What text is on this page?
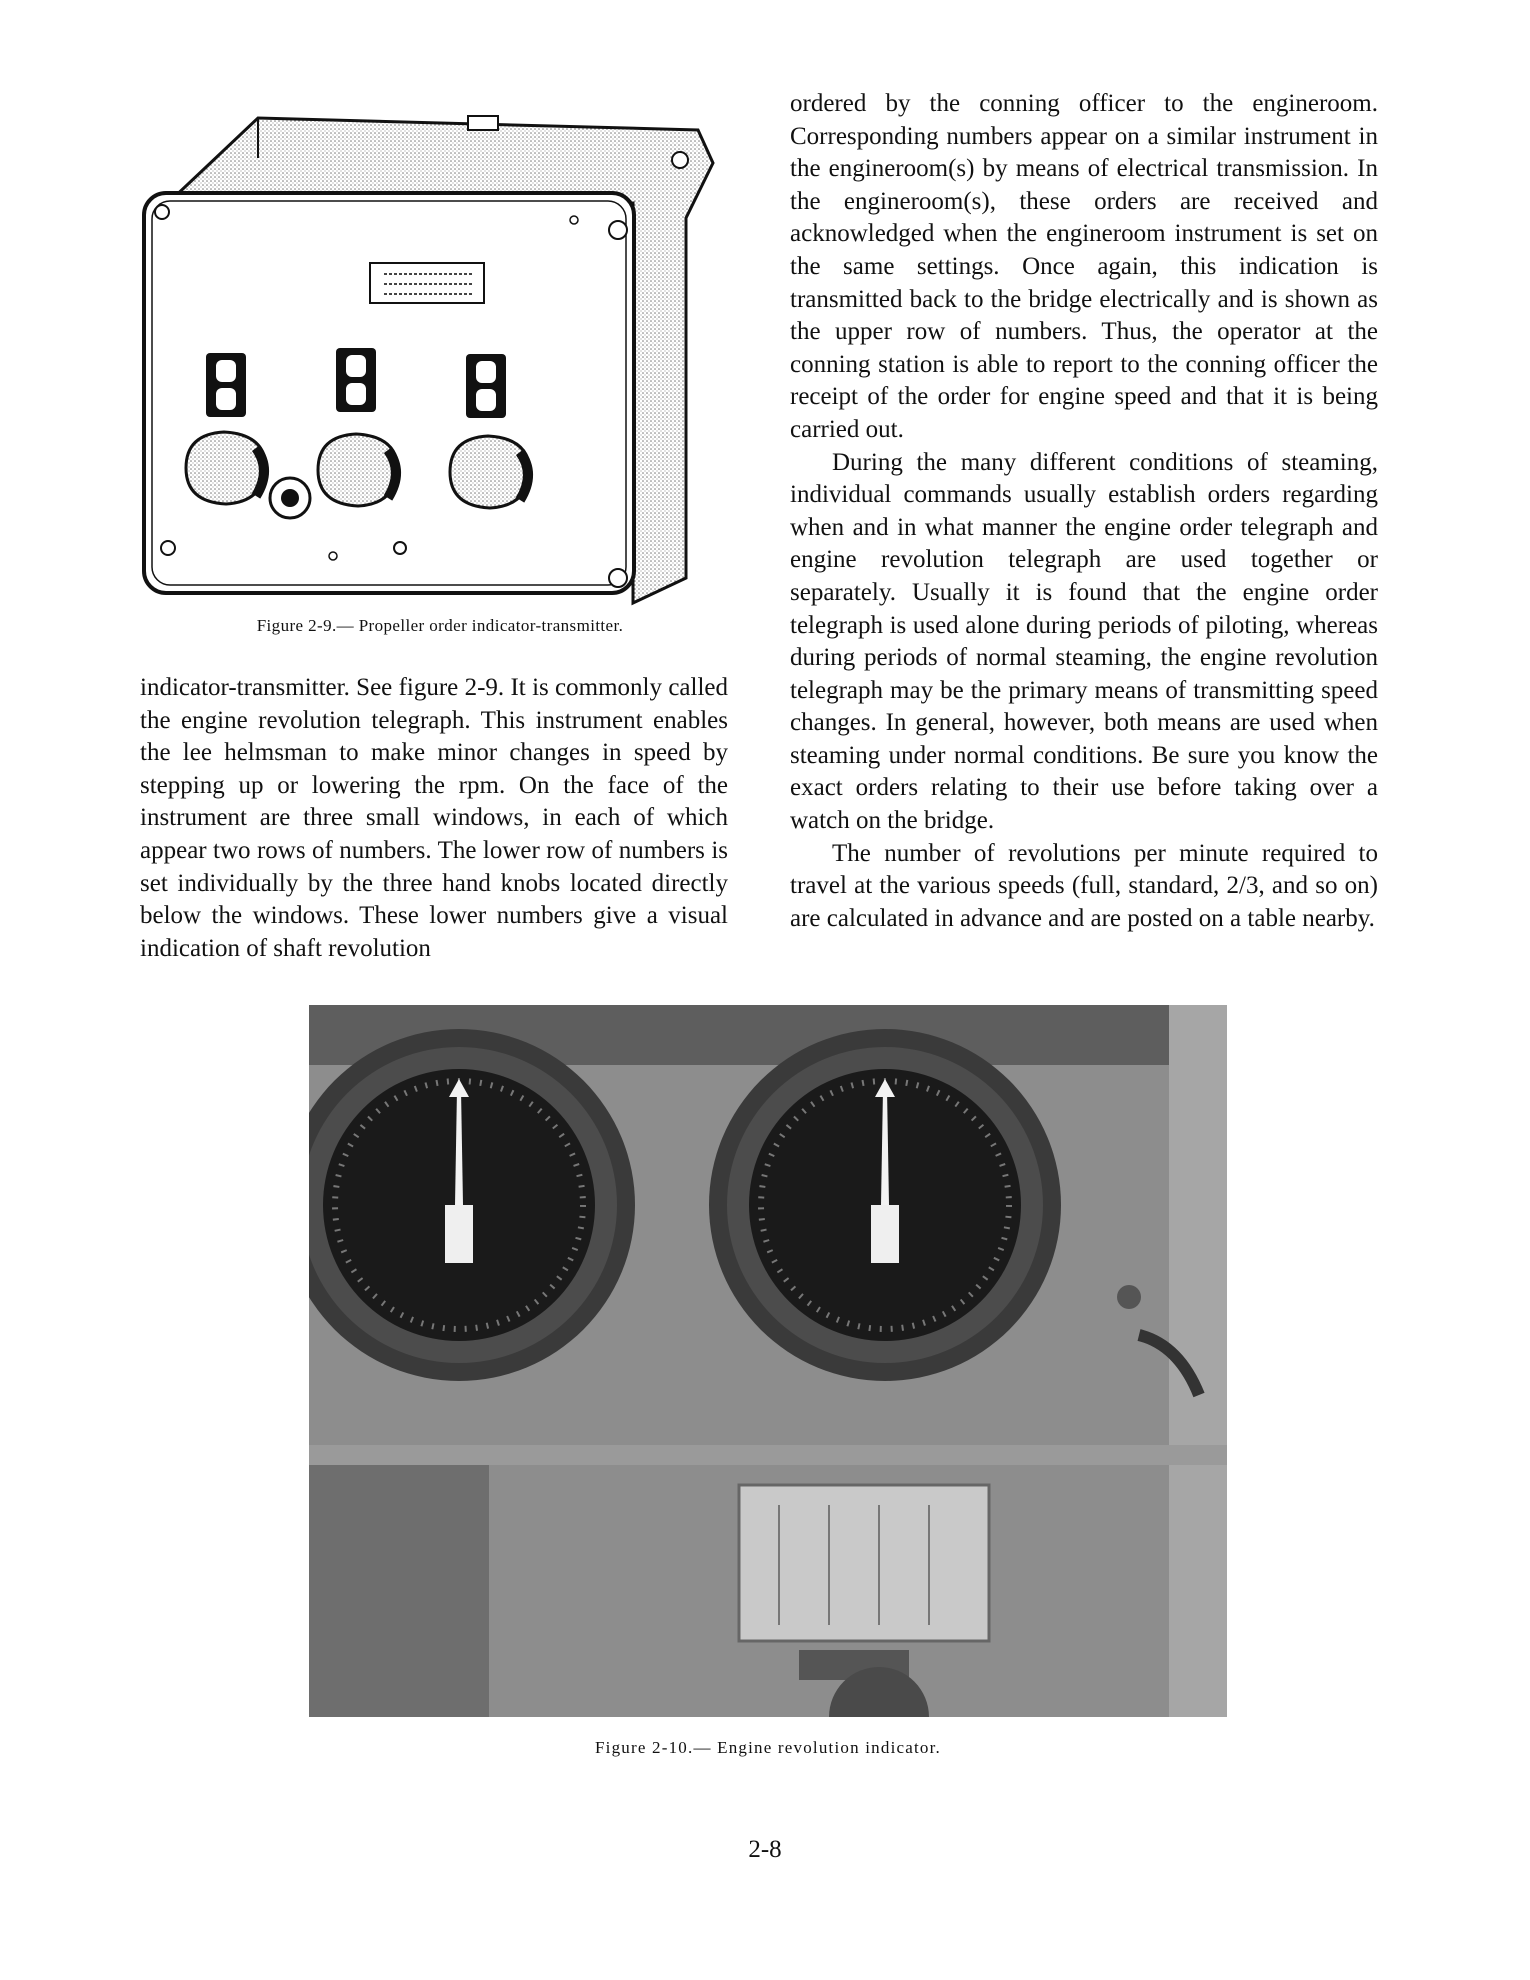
Figure 2-9.— Propeller order indicator-transmitter.

indicator-transmitter. See figure 2-9. It is commonly called the engine revolution telegraph. This instrument enables the lee helmsman to make minor changes in speed by stepping up or lowering the rpm. On the face of the instrument are three small windows, in each of which appear two rows of numbers. The lower row of numbers is set individually by the three hand knobs located directly below the windows. These lower numbers give a visual indication of shaft revolution

ordered by the conning officer to the engineroom. Corresponding numbers appear on a similar instrument in the engineroom(s) by means of electrical transmission. In the engineroom(s), these orders are received and acknowledged when the engineroom instrument is set on the same settings. Once again, this indication is transmitted back to the bridge electrically and is shown as the upper row of numbers. Thus, the operator at the conning station is able to report to the conning officer the receipt of the order for engine speed and that it is being carried out.

During the many different conditions of steaming, individual commands usually establish orders regarding when and in what manner the engine order telegraph and engine revolution telegraph are used together or separately. Usually it is found that the engine order telegraph is used alone during periods of piloting, whereas during periods of normal steaming, the engine revolution telegraph may be the primary means of transmitting speed changes. In general, however, both means are used when steaming under normal conditions. Be sure you know the exact orders relating to their use before taking over a watch on the bridge.

The number of revolutions per minute required to travel at the various speeds (full, standard, 2/3, and so on) are calculated in advance and are posted on a table nearby.

Figure 2-10.— Engine revolution indicator.
2-8
